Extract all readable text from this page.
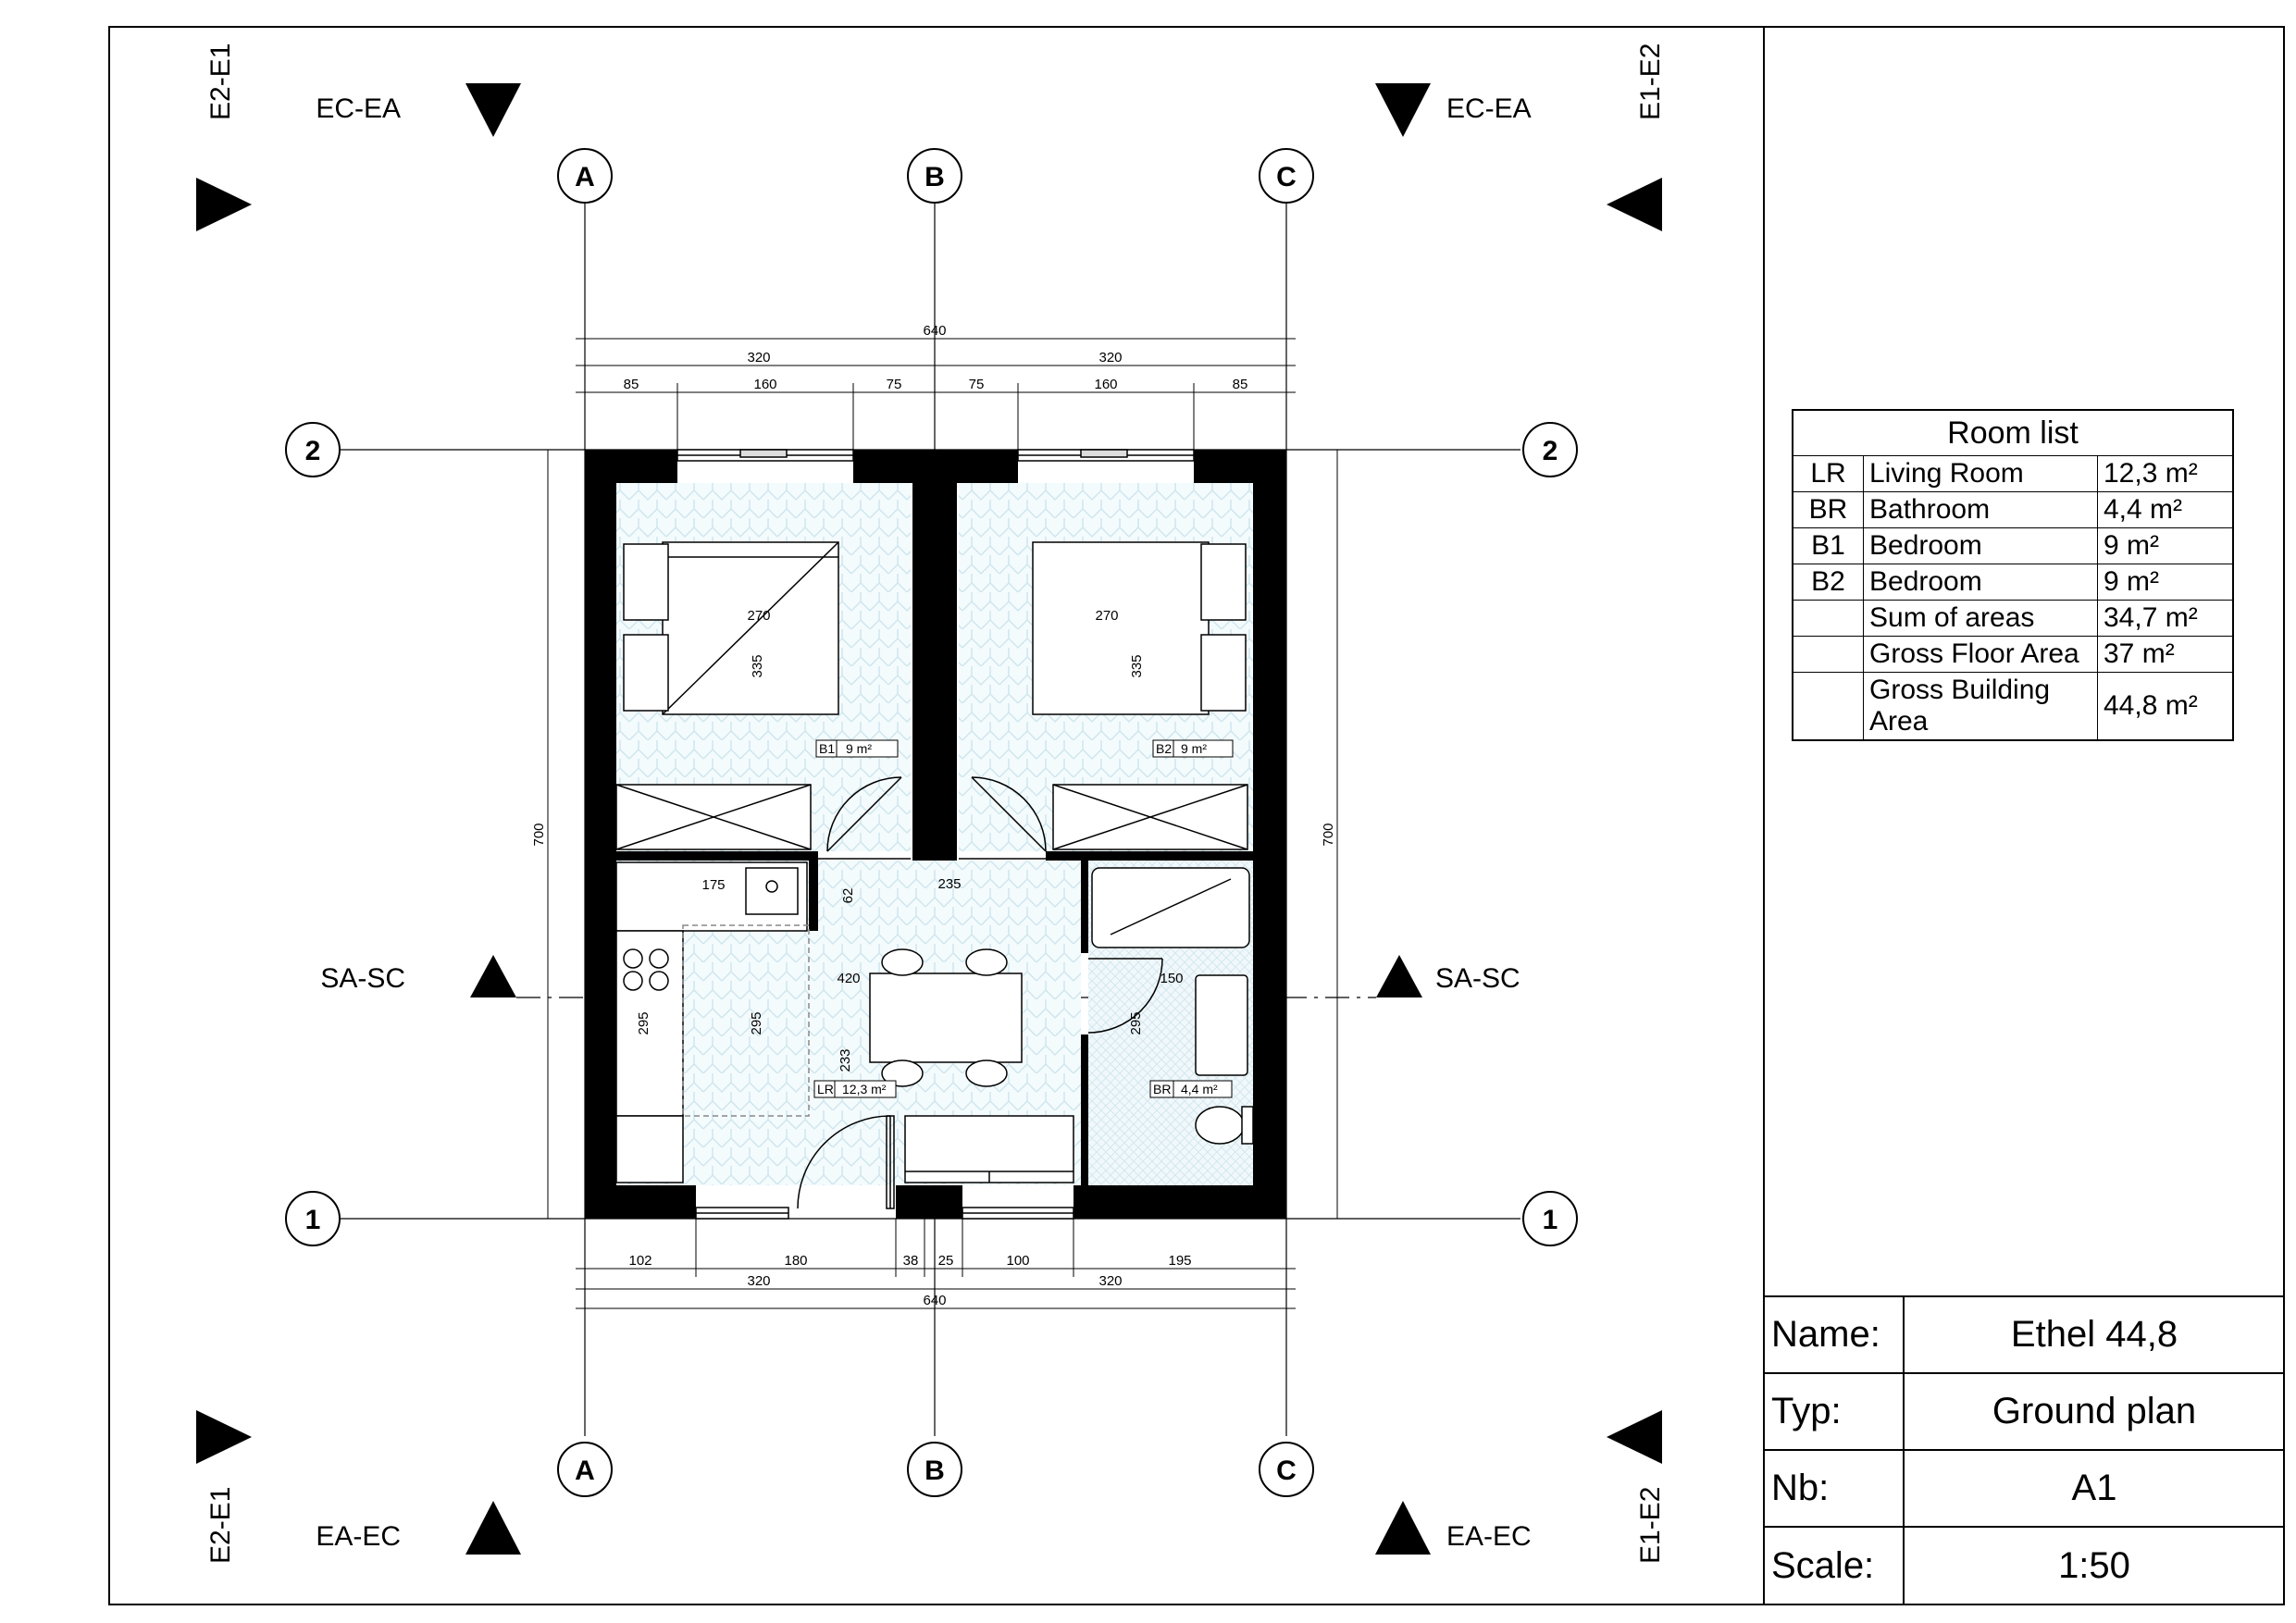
A	B	C
A	B	C
2	2
1	1
EC-EA	EC-EA
EA-EC	EA-EC
SA-SC	SA-SC
E2-E1	E1-E2
E2-E1	E1-E2
640
320	320
85	160	75	75	160	85
102	180	38 25	100	195
320	320
640
700	700
270
335
270
335
175	235
62
420
295	295
233
150
295
B1 9 m²	B2 9 m²
LR 12,3 m²	BR 4,4 m²
Room list
LR	Living Room	12,3 m²
BR	Bathroom	4,4 m²
B1	Bedroom	9 m²
B2	Bedroom	9 m²
	Sum of areas	34,7 m²
	Gross Floor Area	37 m²
	Gross Building Area	44,8 m²
Name:	Ethel 44,8
Typ:	Ground plan
Nb:	A1
Scale:	1:50
